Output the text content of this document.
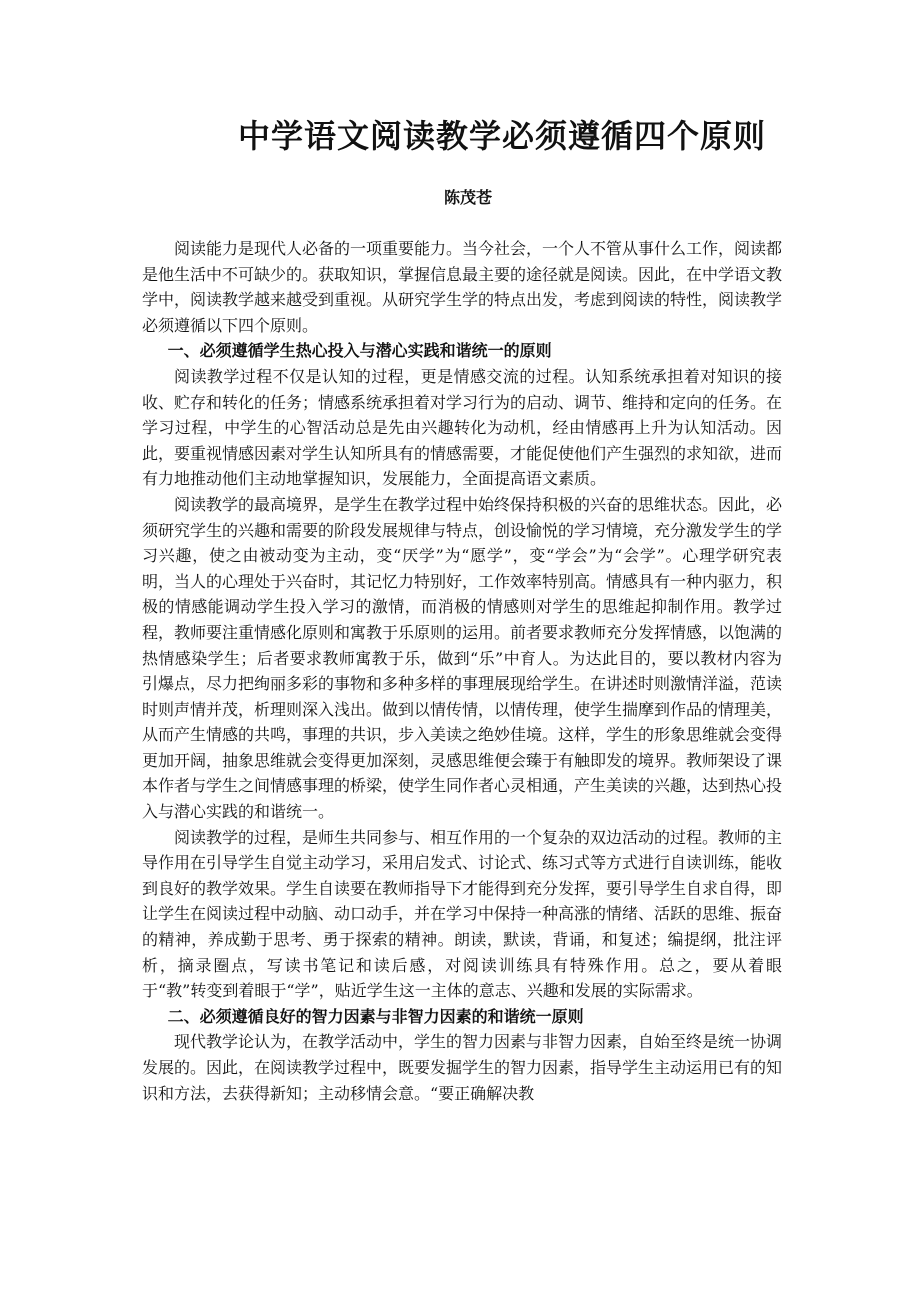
中学语文阅读教学必须遵循四个原则
陈茂苍

阅读能力是现代人必备的一项重要能力。当今社会，一个人不管从事什么工作，阅读都是他生活中不可缺少的。获取知识，掌握信息最主要的途径就是阅读。因此，在中学语文教学中，阅读教学越来越受到重视。从研究学生学的特点出发，考虑到阅读的特性，阅读教学必须遵循以下四个原则。

一、必须遵循学生热心投入与潜心实践和谐统一的原则

阅读教学过程不仅是认知的过程，更是情感交流的过程。认知系统承担着对知识的接收、贮存和转化的任务；情感系统承担着对学习行为的启动、调节、维持和定向的任务。在学习过程，中学生的心智活动总是先由兴趣转化为动机，经由情感再上升为认知活动。因此，要重视情感因素对学生认知所具有的情感需要，才能促使他们产生强烈的求知欲，进而有力地推动他们主动地掌握知识，发展能力，全面提高语文素质。

阅读教学的最高境界，是学生在教学过程中始终保持积极的兴奋的思维状态。因此，必须研究学生的兴趣和需要的阶段发展规律与特点，创设愉悦的学习情境，充分激发学生的学习兴趣，使之由被动变为主动，变“厌学”为“愿学”，变“学会”为“会学”。心理学研究表明，当人的心理处于兴奋时，其记忆力特别好，工作效率特别高。情感具有一种内驱力，积极的情感能调动学生投入学习的激情，而消极的情感则对学生的思维起抑制作用。教学过程，教师要注重情感化原则和寓教于乐原则的运用。前者要求教师充分发挥情感，以饱满的热情感染学生；后者要求教师寓教于乐，做到“乐”中育人。为达此目的，要以教材内容为引爆点，尽力把绚丽多彩的事物和多种多样的事理展现给学生。在讲述时则激情洋溢，范读时则声情并茂，析理则深入浅出。做到以情传情，以情传理，使学生揣摩到作品的情理美，从而产生情感的共鸣，事理的共识，步入美读之绝妙佳境。这样，学生的形象思维就会变得更加开阔，抽象思维就会变得更加深刻，灵感思维便会臻于有触即发的境界。教师架设了课本作者与学生之间情感事理的桥梁，使学生同作者心灵相通，产生美读的兴趣，达到热心投入与潜心实践的和谐统一。

阅读教学的过程，是师生共同参与、相互作用的一个复杂的双边活动的过程。教师的主导作用在引导学生自觉主动学习，采用启发式、讨论式、练习式等方式进行自读训练，能收到良好的教学效果。学生自读要在教师指导下才能得到充分发挥，要引导学生自求自得，即让学生在阅读过程中动脑、动口动手，并在学习中保持一种高涨的情绪、活跃的思维、振奋的精神，养成勤于思考、勇于探索的精神。朗读，默读，背诵，和复述；编提纲，批注评析，摘录圈点，写读书笔记和读后感，对阅读训练具有特殊作用。总之，要从着眼于“教”转变到着眼于“学”，贴近学生这一主体的意志、兴趣和发展的实际需求。

二、必须遵循良好的智力因素与非智力因素的和谐统一原则

现代教学论认为，在教学活动中，学生的智力因素与非智力因素，自始至终是统一协调发展的。因此，在阅读教学过程中，既要发掘学生的智力因素，指导学生主动运用已有的知识和方法，去获得新知；主动移情会意。“要正确解决教
